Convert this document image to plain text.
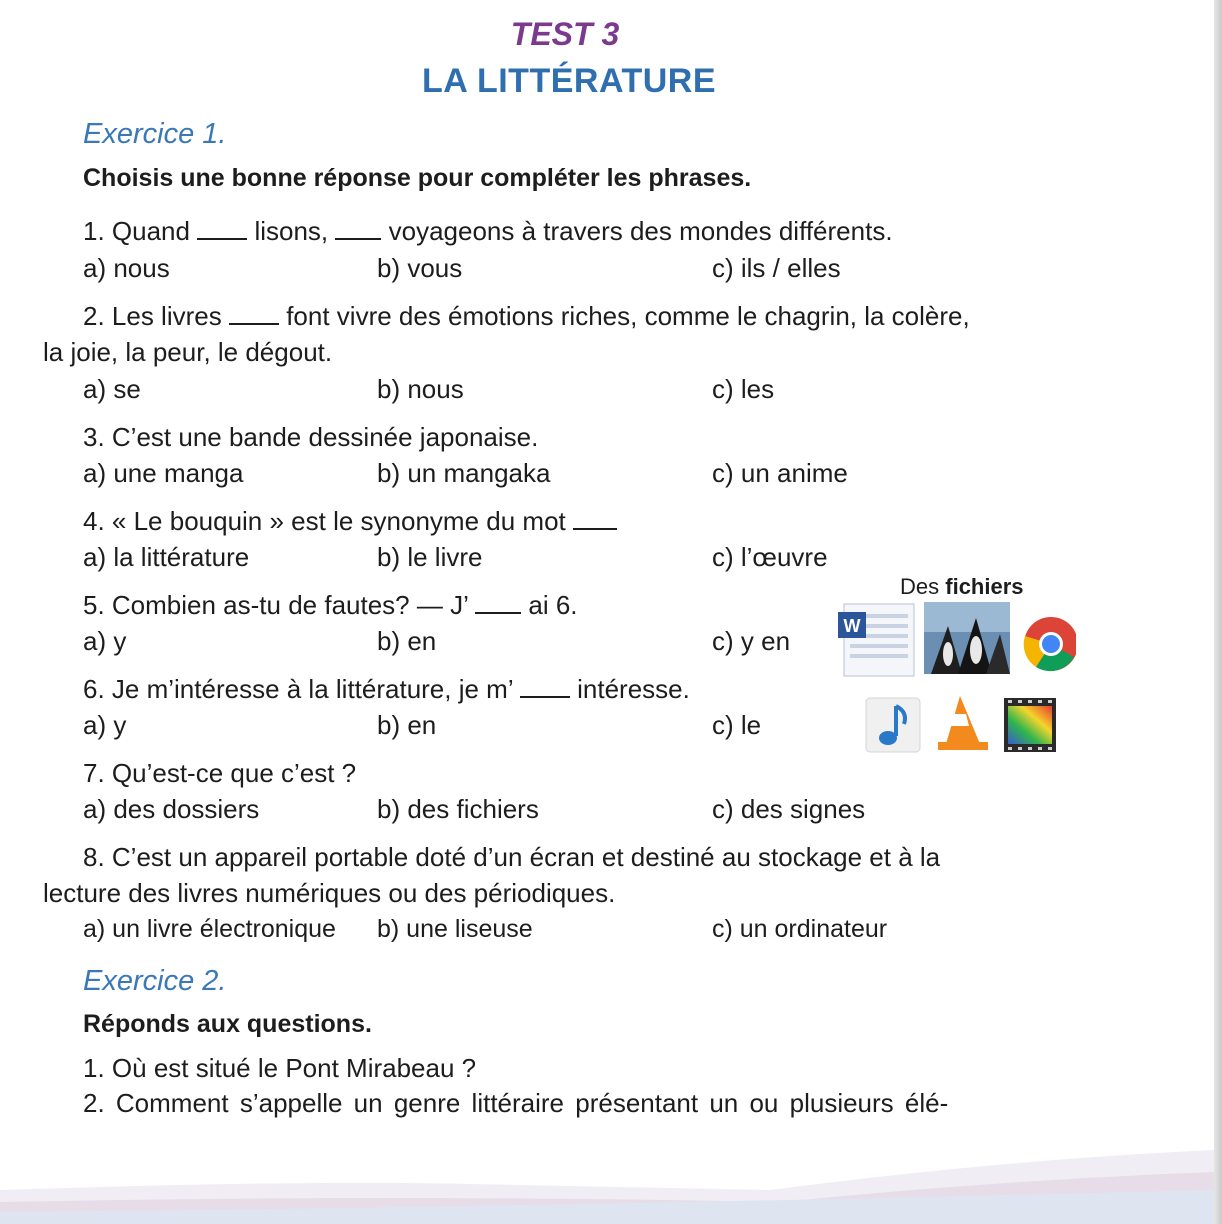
TEST 3
LA LITTÉRATURE
Exercice 1.
Choisis une bonne réponse pour compléter les phrases.
1. Quand lisons, voyageons à travers des mondes différents.
a) nous	b) vous	c) ils / elles
2. Les livres font vivre des émotions riches, comme le chagrin, la colère,
la joie, la peur, le dégout.
a) se	b) nous	c) les
3. C’est une bande dessinée japonaise.
a) une manga	b) un mangaka	c) un anime
4. « Le bouquin » est le synonyme du mot
a) la littérature	b) le livre	c) l’œuvre
5. Combien as-tu de fautes? — J’ ai 6.
a) y	b) en	c) y en
6. Je m’intéresse à la littérature, je m’ intéresse.
a) y	b) en	c) le
7. Qu’est-ce que c’est ?
a) des dossiers	b) des fichiers	c) des signes
8. C’est un appareil portable doté d’un écran et destiné au stockage et à la
lecture des livres numériques ou des périodiques.
a) un livre électronique b) une liseuse	c) un ordinateur
Des fichiers
W
Exercice 2.
Réponds aux questions.
1. Où est situé le Pont Mirabeau ?
2. Comment s’appelle un genre littéraire présentant un ou plusieurs élé-
